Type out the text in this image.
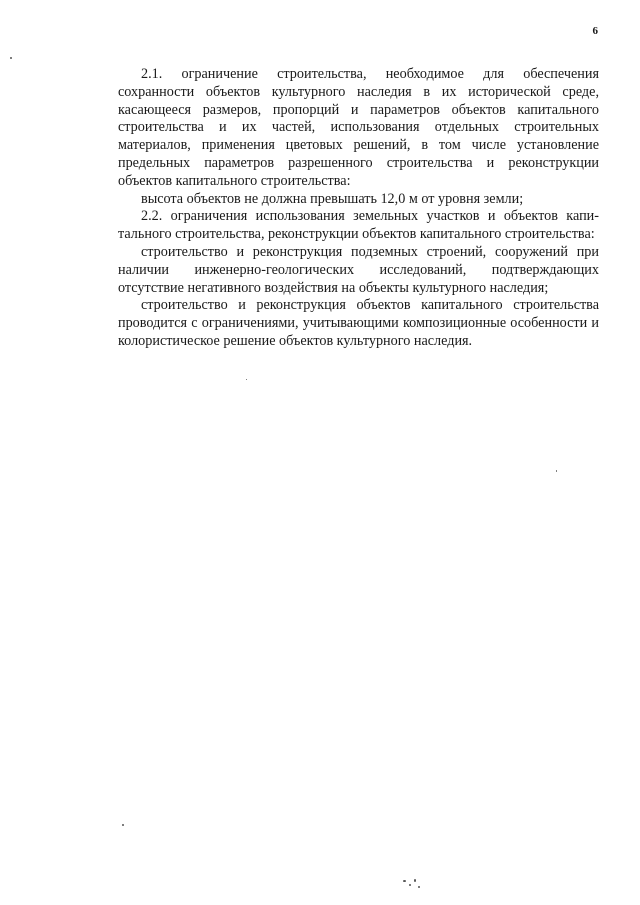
6

2.1. ограничение строительства, необходимое для обеспечения сохранности объектов культурного наследия в их исторической среде, касающееся размеров, пропорций и параметров объектов капитального строительства и их частей, использования отдельных строительных материалов, применения цветовых решений, в том числе установление предельных параметров разрешенного строительства и реконструкции объектов капитального строительства:

высота объектов не должна превышать 12,0 м от уровня земли;

2.2. ограничения использования земельных участков и объектов капи-тального строительства, реконструкции объектов капитального строительства:

строительство и реконструкция подземных строений, сооружений при наличии инженерно-геологических исследований, подтверждающих отсутствие негативного воздействия на объекты культурного наследия;

строительство и реконструкция объектов капитального строительства проводится с ограничениями, учитывающими композиционные особенности и колористическое решение объектов культурного наследия.
